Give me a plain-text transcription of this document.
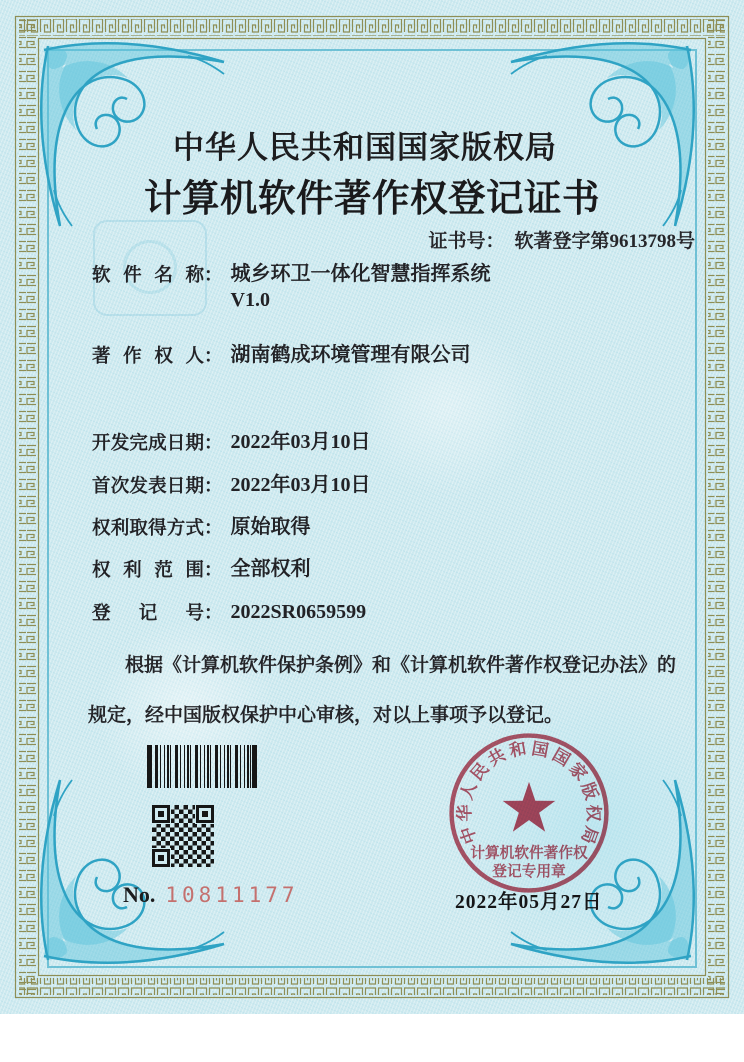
中华人民共和国国家版权局
计算机软件著作权登记证书
证书号： 软著登字第9613798号
软件名称 ： 城乡环卫一体化智慧指挥系统
V1.0
著作权人 ： 湖南鹤成环境管理有限公司
开发完成日期 ： 2022年03月10日
首次发表日期 ： 2022年03月10日
权利取得方式 ： 原始取得
权利范围 ： 全部权利
登记号 ： 2022SR0659599
根据《计算机软件保护条例》和《计算机软件著作权登记办法》的
规定，经中国版权保护中心审核，对以上事项予以登记。
No. 10811177	2022年05月27日
中华人民共和国国家版权局
计算机软件著作权
登记专用章
